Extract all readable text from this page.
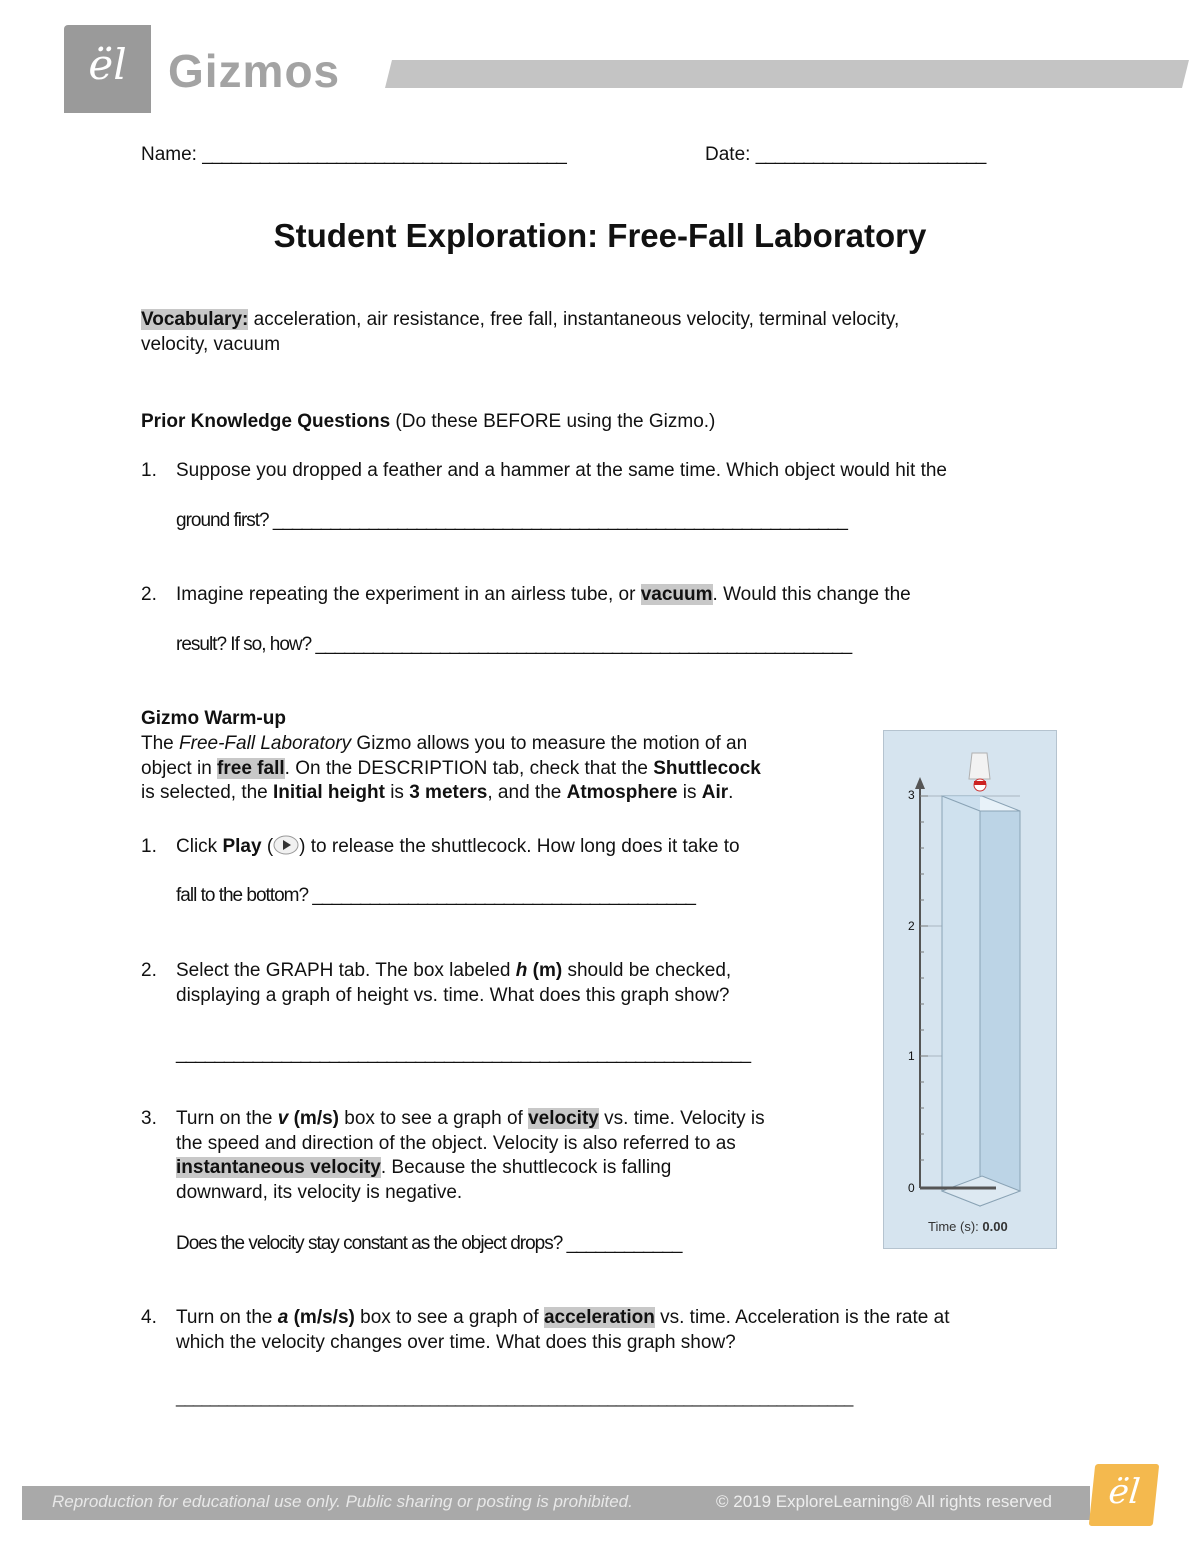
ël Gizmos
Name: ______________________________________	Date: ________________________
Student Exploration: Free-Fall Laboratory
Vocabulary: acceleration, air resistance, free fall, instantaneous velocity, terminal velocity,
velocity, vacuum
Prior Knowledge Questions (Do these BEFORE using the Gizmo.)
1. Suppose you dropped a feather and a hammer at the same time. Which object would hit the
ground first? ____________________________________________________________
2. Imagine repeating the experiment in an airless tube, or vacuum. Would this change the
result? If so, how? ________________________________________________________
Gizmo Warm-up
The Free-Fall Laboratory Gizmo allows you to measure the motion of an
object in free fall. On the DESCRIPTION tab, check that the Shuttlecock
is selected, the Initial height is 3 meters, and the Atmosphere is Air.
1. Click Play ( ) to release the shuttlecock. How long does it take to
fall to the bottom? ________________________________________
2. Select the GRAPH tab. The box labeled h (m) should be checked,
displaying a graph of height vs. time. What does this graph show?
____________________________________________________________
3. Turn on the v (m/s) box to see a graph of velocity vs. time. Velocity is
the speed and direction of the object. Velocity is also referred to as
instantaneous velocity. Because the shuttlecock is falling
downward, its velocity is negative.
Does the velocity stay constant as the object drops? ____________
4. Turn on the a (m/s/s) box to see a graph of acceleration vs. time. Acceleration is the rate at
which the velocity changes over time. What does this graph show?
________________________________________________________________________________
3
2
1
0
Time (s): 0.00
Reproduction for educational use only. Public sharing or posting is prohibited.	© 2019 ExploreLearning® All rights reserved	ël
